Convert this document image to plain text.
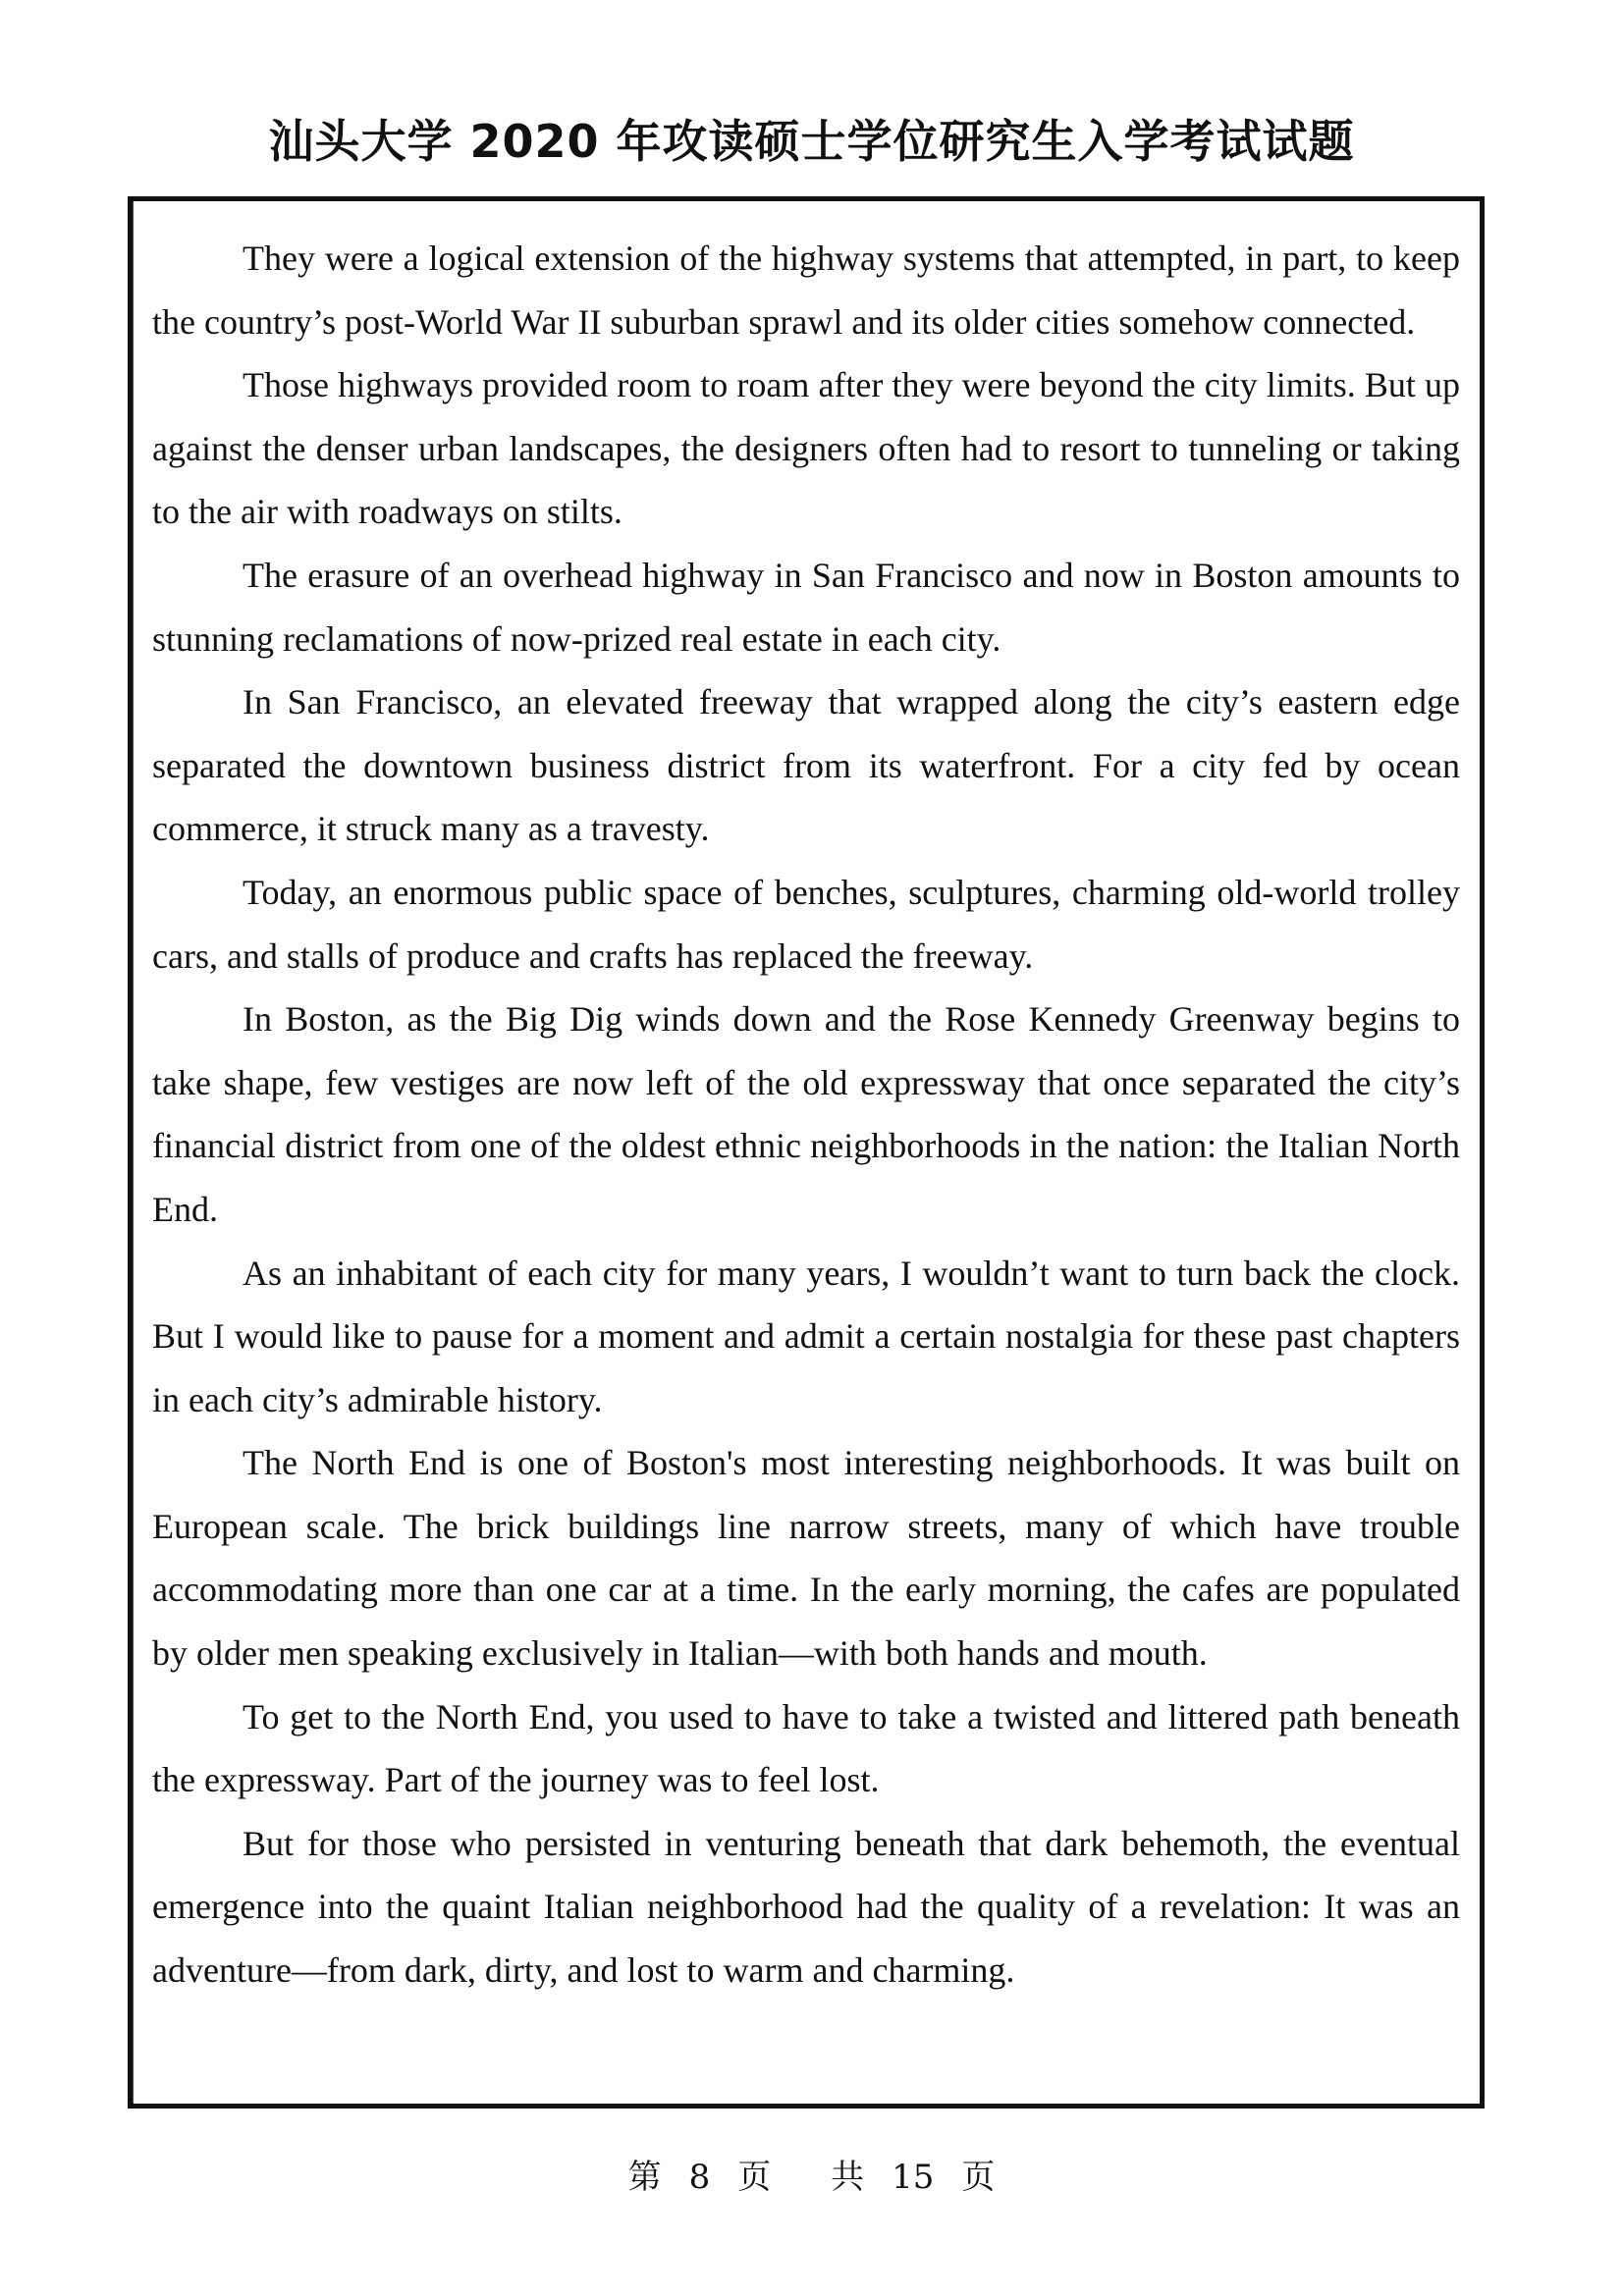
汕头大学 2020 年攻读硕士学位研究生入学考试试题

They were a logical extension of the highway systems that attempted, in part, to keep the country’s post-World War II suburban sprawl and its older cities somehow connected.

Those highways provided room to roam after they were beyond the city limits. But up against the denser urban landscapes, the designers often had to resort to tunneling or taking to the air with roadways on stilts.

The erasure of an overhead highway in San Francisco and now in Boston amounts to stunning reclamations of now-prized real estate in each city.

In San Francisco, an elevated freeway that wrapped along the city’s eastern edge separated the downtown business district from its waterfront. For a city fed by ocean commerce, it struck many as a travesty.

Today, an enormous public space of benches, sculptures, charming old-world trolley cars, and stalls of produce and crafts has replaced the freeway.

In Boston, as the Big Dig winds down and the Rose Kennedy Greenway begins to take shape, few vestiges are now left of the old expressway that once separated the city’s financial district from one of the oldest ethnic neighborhoods in the nation: the Italian North End.

As an inhabitant of each city for many years, I wouldn’t want to turn back the clock. But I would like to pause for a moment and admit a certain nostalgia for these past chapters in each city’s admirable history.

The North End is one of Boston's most interesting neighborhoods. It was built on European scale. The brick buildings line narrow streets, many of which have trouble accommodating more than one car at a time. In the early morning, the cafes are populated by older men speaking exclusively in Italian—with both hands and mouth.

To get to the North End, you used to have to take a twisted and littered path beneath the expressway. Part of the journey was to feel lost.

But for those who persisted in venturing beneath that dark behemoth, the eventual emergence into the quaint Italian neighborhood had the quality of a revelation: It was an adventure—from dark, dirty, and lost to warm and charming.

第 8 页 共 15 页
